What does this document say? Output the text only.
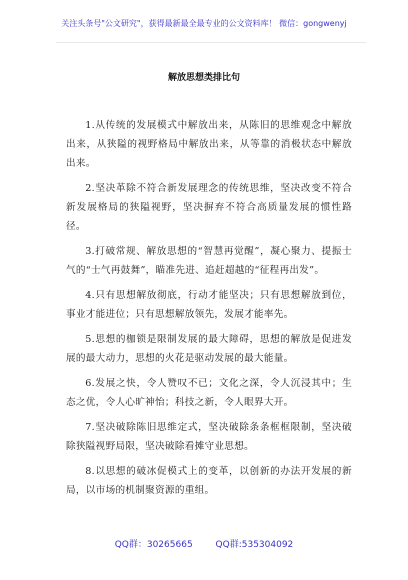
关注头条号"公文研究"，获得最新最全最专业的公文资料库！ 微信：gongwenyj
解放思想类排比句

1.从传统的发展模式中解放出来，从陈旧的思维观念中解放出来，从狭隘的视野格局中解放出来，从等靠的消极状态中解放出来。

2.坚决革除不符合新发展理念的传统思维，坚决改变不符合新发展格局的狭隘视野，坚决摒弃不符合高质量发展的惯性路径。

3.打破常规、解放思想的“智慧再觉醒”，凝心聚力、提振士气的“士气再鼓舞”，瞄准先进、追赶超越的“征程再出发”。

4.只有思想解放彻底，行动才能坚决；只有思想解放到位，事业才能进位；只有思想解放领先，发展才能率先。

5.思想的枷锁是限制发展的最大障碍，思想的解放是促进发展的最大动力，思想的火花是驱动发展的最大能量。

6.发展之快，令人赞叹不已；文化之深，令人沉浸其中；生态之优，令人心旷神怡；科技之新，令人眼界大开。

7.坚决破除陈旧思维定式，坚决破除条条框框限制，坚决破除狭隘视野局限，坚决破除看摊守业思想。

8.以思想的破冰促模式上的变革，以创新的办法开发展的新局，以市场的机制聚资源的重组。

QQ群：30265665	QQ群:535304092
